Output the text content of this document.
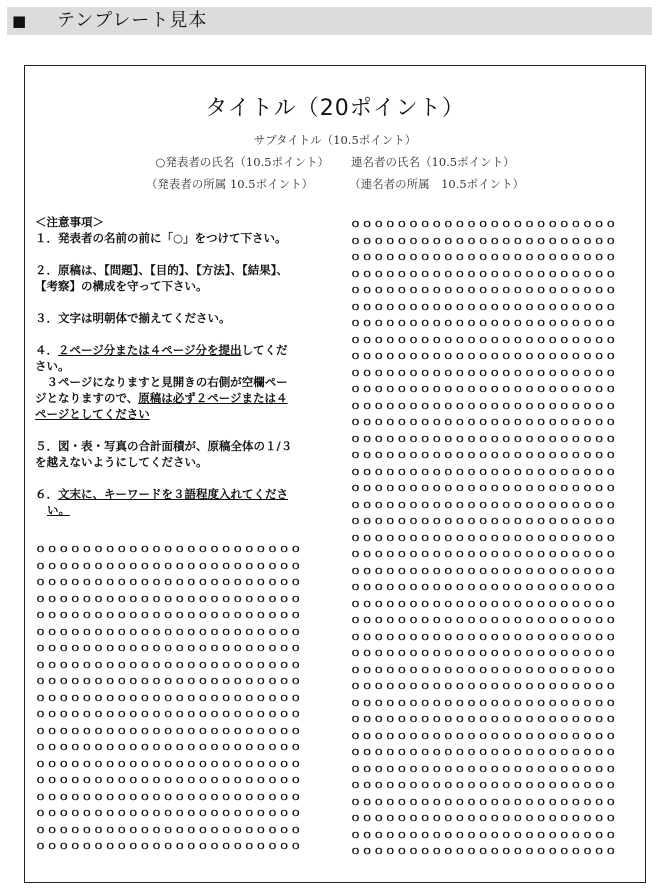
■ テンプレート見本
タイトル（20ポイント）
サブタイトル（10.5ポイント）
○発表者の氏名（10.5ポイント） 連名者の氏名（10.5ポイント）
（発表者の所属 10.5ポイント）	（連名者の所属　10.5ポイント）

＜注意事項＞

１．発表者の名前の前に「○」をつけて下さい。

２．原稿は、【問題】、【目的】、【方法】、【結果】、
【考察】の構成を守って下さい。

３．文字は明朝体で揃えてください。

４．２ページ分または４ページ分を提出してくだ
さい。
　３ページになりますと見開きの右側が空欄ペー
ジとなりますので、原稿は必ず２ページまたは４
ページとしてください

５．図・表・写真の合計面積が、原稿全体の１/３
を越えないようにしてください。

６．文末に、キーワードを３語程度入れてくださ
い。

ｏｏｏｏｏｏｏｏｏｏｏｏｏｏｏｏｏｏｏｏｏｏｏ
ｏｏｏｏｏｏｏｏｏｏｏｏｏｏｏｏｏｏｏｏｏｏｏ
ｏｏｏｏｏｏｏｏｏｏｏｏｏｏｏｏｏｏｏｏｏｏｏ
ｏｏｏｏｏｏｏｏｏｏｏｏｏｏｏｏｏｏｏｏｏｏｏ
ｏｏｏｏｏｏｏｏｏｏｏｏｏｏｏｏｏｏｏｏｏｏｏ
ｏｏｏｏｏｏｏｏｏｏｏｏｏｏｏｏｏｏｏｏｏｏｏ
ｏｏｏｏｏｏｏｏｏｏｏｏｏｏｏｏｏｏｏｏｏｏｏ
ｏｏｏｏｏｏｏｏｏｏｏｏｏｏｏｏｏｏｏｏｏｏｏ
ｏｏｏｏｏｏｏｏｏｏｏｏｏｏｏｏｏｏｏｏｏｏｏ
ｏｏｏｏｏｏｏｏｏｏｏｏｏｏｏｏｏｏｏｏｏｏｏ
ｏｏｏｏｏｏｏｏｏｏｏｏｏｏｏｏｏｏｏｏｏｏｏ
ｏｏｏｏｏｏｏｏｏｏｏｏｏｏｏｏｏｏｏｏｏｏｏ
ｏｏｏｏｏｏｏｏｏｏｏｏｏｏｏｏｏｏｏｏｏｏｏ
ｏｏｏｏｏｏｏｏｏｏｏｏｏｏｏｏｏｏｏｏｏｏｏ
ｏｏｏｏｏｏｏｏｏｏｏｏｏｏｏｏｏｏｏｏｏｏｏ
ｏｏｏｏｏｏｏｏｏｏｏｏｏｏｏｏｏｏｏｏｏｏｏ
ｏｏｏｏｏｏｏｏｏｏｏｏｏｏｏｏｏｏｏｏｏｏｏ
ｏｏｏｏｏｏｏｏｏｏｏｏｏｏｏｏｏｏｏｏｏｏｏ
ｏｏｏｏｏｏｏｏｏｏｏｏｏｏｏｏｏｏｏｏｏｏｏ
ｏｏｏｏｏｏｏｏｏｏｏｏｏｏｏｏｏｏｏｏｏｏｏ
ｏｏｏｏｏｏｏｏｏｏｏｏｏｏｏｏｏｏｏｏｏｏｏ
ｏｏｏｏｏｏｏｏｏｏｏｏｏｏｏｏｏｏｏｏｏｏｏ
ｏｏｏｏｏｏｏｏｏｏｏｏｏｏｏｏｏｏｏｏｏｏｏ
ｏｏｏｏｏｏｏｏｏｏｏｏｏｏｏｏｏｏｏｏｏｏｏ
ｏｏｏｏｏｏｏｏｏｏｏｏｏｏｏｏｏｏｏｏｏｏｏ
ｏｏｏｏｏｏｏｏｏｏｏｏｏｏｏｏｏｏｏｏｏｏｏ
ｏｏｏｏｏｏｏｏｏｏｏｏｏｏｏｏｏｏｏｏｏｏｏ
ｏｏｏｏｏｏｏｏｏｏｏｏｏｏｏｏｏｏｏｏｏｏｏ
ｏｏｏｏｏｏｏｏｏｏｏｏｏｏｏｏｏｏｏｏｏｏｏ
ｏｏｏｏｏｏｏｏｏｏｏｏｏｏｏｏｏｏｏｏｏｏｏ
ｏｏｏｏｏｏｏｏｏｏｏｏｏｏｏｏｏｏｏｏｏｏｏ
ｏｏｏｏｏｏｏｏｏｏｏｏｏｏｏｏｏｏｏｏｏｏｏ
ｏｏｏｏｏｏｏｏｏｏｏｏｏｏｏｏｏｏｏｏｏｏｏ
ｏｏｏｏｏｏｏｏｏｏｏｏｏｏｏｏｏｏｏｏｏｏｏ
ｏｏｏｏｏｏｏｏｏｏｏｏｏｏｏｏｏｏｏｏｏｏｏ
ｏｏｏｏｏｏｏｏｏｏｏｏｏｏｏｏｏｏｏｏｏｏｏ
ｏｏｏｏｏｏｏｏｏｏｏｏｏｏｏｏｏｏｏｏｏｏｏ
ｏｏｏｏｏｏｏｏｏｏｏｏｏｏｏｏｏｏｏｏｏｏｏ
ｏｏｏｏｏｏｏｏｏｏｏｏｏｏｏｏｏｏｏｏｏｏｏ
ｏｏｏｏｏｏｏｏｏｏｏｏｏｏｏｏｏｏｏｏｏｏｏ
ｏｏｏｏｏｏｏｏｏｏｏｏｏｏｏｏｏｏｏｏｏｏｏ
ｏｏｏｏｏｏｏｏｏｏｏｏｏｏｏｏｏｏｏｏｏｏｏ
ｏｏｏｏｏｏｏｏｏｏｏｏｏｏｏｏｏｏｏｏｏｏｏ
ｏｏｏｏｏｏｏｏｏｏｏｏｏｏｏｏｏｏｏｏｏｏｏ
ｏｏｏｏｏｏｏｏｏｏｏｏｏｏｏｏｏｏｏｏｏｏｏ
ｏｏｏｏｏｏｏｏｏｏｏｏｏｏｏｏｏｏｏｏｏｏｏ
ｏｏｏｏｏｏｏｏｏｏｏｏｏｏｏｏｏｏｏｏｏｏｏ
ｏｏｏｏｏｏｏｏｏｏｏｏｏｏｏｏｏｏｏｏｏｏｏ
ｏｏｏｏｏｏｏｏｏｏｏｏｏｏｏｏｏｏｏｏｏｏｏ
ｏｏｏｏｏｏｏｏｏｏｏｏｏｏｏｏｏｏｏｏｏｏｏ
ｏｏｏｏｏｏｏｏｏｏｏｏｏｏｏｏｏｏｏｏｏｏｏ
ｏｏｏｏｏｏｏｏｏｏｏｏｏｏｏｏｏｏｏｏｏｏｏ
ｏｏｏｏｏｏｏｏｏｏｏｏｏｏｏｏｏｏｏｏｏｏｏ
ｏｏｏｏｏｏｏｏｏｏｏｏｏｏｏｏｏｏｏｏｏｏｏ
ｏｏｏｏｏｏｏｏｏｏｏｏｏｏｏｏｏｏｏｏｏｏｏ
ｏｏｏｏｏｏｏｏｏｏｏｏｏｏｏｏｏｏｏｏｏｏｏ
ｏｏｏｏｏｏｏｏｏｏｏｏｏｏｏｏｏｏｏｏｏｏｏ
ｏｏｏｏｏｏｏｏｏｏｏｏｏｏｏｏｏｏｏｏｏｏｏ
